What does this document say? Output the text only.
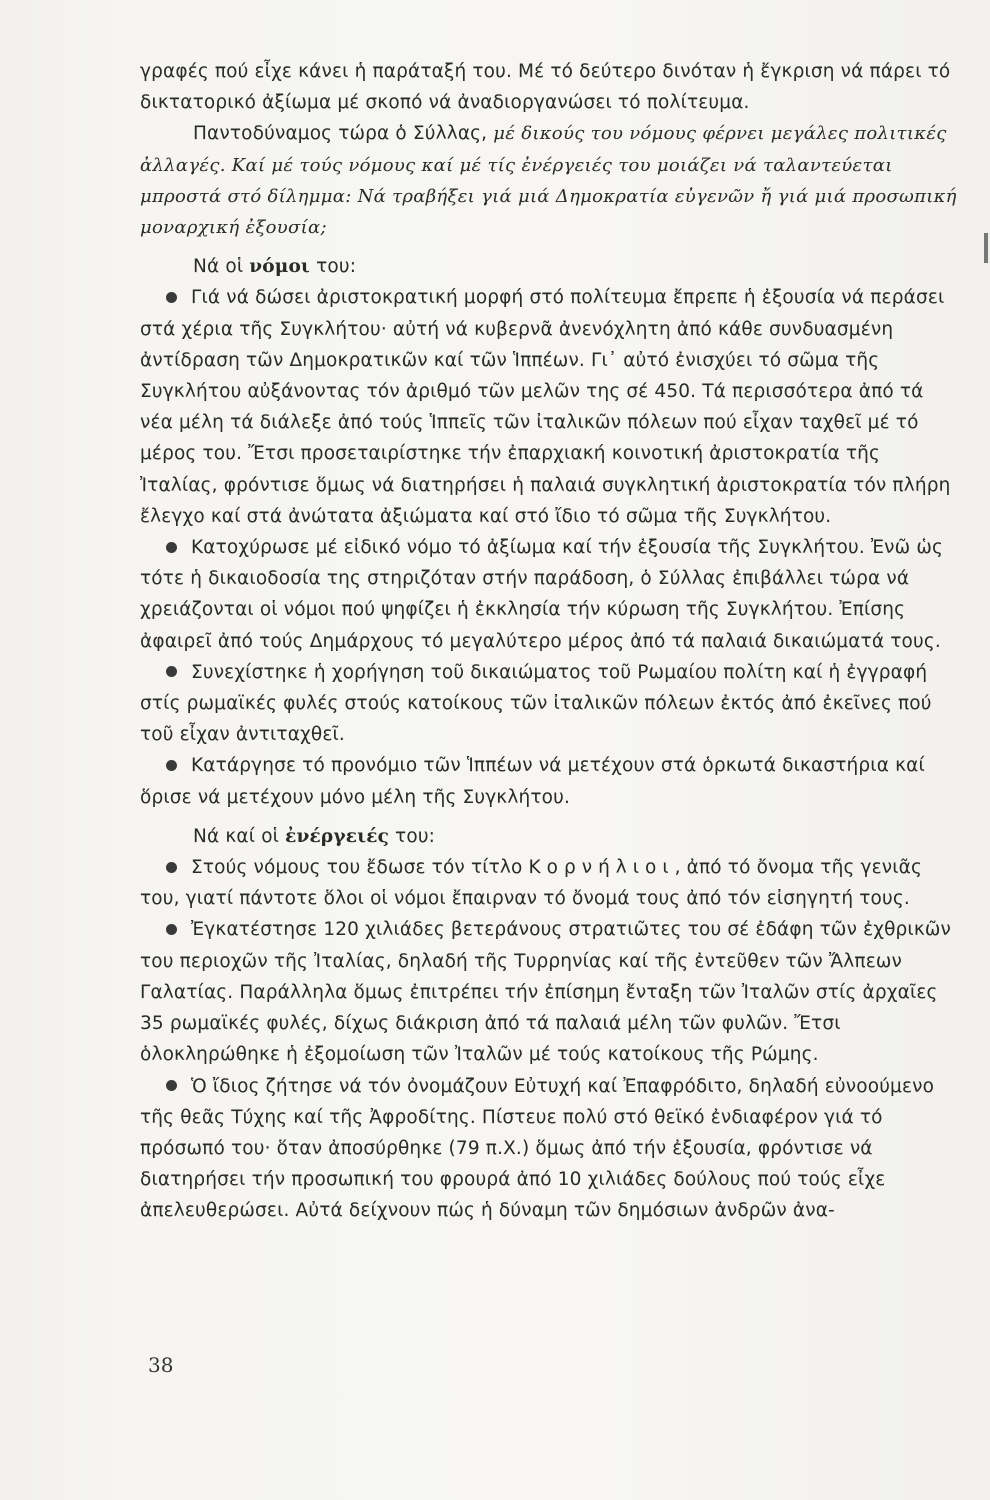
γραφές πού εἶχε κάνει ἡ παράταξή του. Μέ τό δεύτερο δινόταν ἡ ἔγκριση νά πάρει τό δικτατορικό ἀξίωμα μέ σκοπό νά ἀναδιοργανώσει τό πολίτευμα.

Παντοδύναμος τώρα ὁ Σύλλας, μέ δικούς του νόμους φέρνει μεγάλες πολιτικές ἀλλαγές. Καί μέ τούς νόμους καί μέ τίς ἐνέργειές του μοιάζει νά ταλαντεύεται μπροστά στό δίλημμα: Νά τραβήξει γιά μιά Δημοκρατία εὐγενῶν ἤ γιά μιά προσωπική μοναρχική ἐξουσία;

Νά οἱ νόμοι του:

Γιά νά δώσει ἀριστοκρατική μορφή στό πολίτευμα ἔπρεπε ἡ ἐξουσία νά περάσει στά χέρια τῆς Συγκλήτου· αὐτή νά κυβερνᾶ ἀνενόχλητη ἀπό κάθε συνδυασμένη ἀντίδραση τῶν Δημοκρατικῶν καί τῶν Ἱππέων. Γι᾿ αὐτό ἐνισχύει τό σῶμα τῆς Συγκλήτου αὐξάνοντας τόν ἀριθμό τῶν μελῶν της σέ 450. Τά περισσότερα ἀπό τά νέα μέλη τά διάλεξε ἀπό τούς Ἱππεῖς τῶν ἰταλικῶν πόλεων πού εἶχαν ταχθεῖ μέ τό μέρος του. Ἔτσι προσεταιρίστηκε τήν ἐπαρχιακή κοινοτική ἀριστοκρατία τῆς Ἰταλίας, φρόντισε ὅμως νά διατηρήσει ἡ παλαιά συγκλητική ἀριστοκρατία τόν πλήρη ἔλεγχο καί στά ἀνώτατα ἀξιώματα καί στό ἴδιο τό σῶμα τῆς Συγκλήτου.

Κατοχύρωσε μέ εἰδικό νόμο τό ἀξίωμα καί τήν ἐξουσία τῆς Συγκλήτου. Ἐνῶ ὡς τότε ἡ δικαιοδοσία της στηριζόταν στήν παράδοση, ὁ Σύλλας ἐπιβάλλει τώρα νά χρειάζονται οἱ νόμοι πού ψηφίζει ἡ ἐκκλησία τήν κύρωση τῆς Συγκλήτου. Ἐπίσης ἀφαιρεῖ ἀπό τούς Δημάρχους τό μεγαλύτερο μέρος ἀπό τά παλαιά δικαιώματά τους.

Συνεχίστηκε ἡ χορήγηση τοῦ δικαιώματος τοῦ Ρωμαίου πολίτη καί ἡ ἐγγραφή στίς ρωμαϊκές φυλές στούς κατοίκους τῶν ἰταλικῶν πόλεων ἐκτός ἀπό ἐκεῖνες πού τοῦ εἶχαν ἀντιταχθεῖ.

Κατάργησε τό προνόμιο τῶν Ἱππέων νά μετέχουν στά ὁρκωτά δικαστήρια καί ὅρισε νά μετέχουν μόνο μέλη τῆς Συγκλήτου.

Νά καί οἱ ἐνέργειές του:

Στούς νόμους του ἔδωσε τόν τίτλο Κορνήλιοι, ἀπό τό ὄνομα τῆς γενιᾶς του, γιατί πάντοτε ὅλοι οἱ νόμοι ἔπαιρναν τό ὄνομά τους ἀπό τόν εἰσηγητή τους.

Ἐγκατέστησε 120 χιλιάδες βετεράνους στρατιῶτες του σέ ἐδάφη τῶν ἐχθρικῶν του περιοχῶν τῆς Ἰταλίας, δηλαδή τῆς Τυρρηνίας καί τῆς ἐντεῦθεν τῶν Ἄλπεων Γαλατίας. Παράλληλα ὅμως ἐπιτρέπει τήν ἐπίσημη ἔνταξη τῶν Ἰταλῶν στίς ἀρχαῖες 35 ρωμαϊκές φυλές, δίχως διάκριση ἀπό τά παλαιά μέλη τῶν φυλῶν. Ἔτσι ὁλοκληρώθηκε ἡ ἐξομοίωση τῶν Ἰταλῶν μέ τούς κατοίκους τῆς Ρώμης.

Ὁ ἴδιος ζήτησε νά τόν ὀνομάζουν Εὐτυχή καί Ἐπαφρόδιτο, δηλαδή εὐνοούμενο τῆς θεᾶς Τύχης καί τῆς Ἀφροδίτης. Πίστευε πολύ στό θεϊκό ἐνδιαφέρον γιά τό πρόσωπό του· ὅταν ἀποσύρθηκε (79 π.Χ.) ὅμως ἀπό τήν ἐξουσία, φρόντισε νά διατηρήσει τήν προσωπική του φρουρά ἀπό 10 χιλιάδες δούλους πού τούς εἶχε ἀπελευθερώσει. Αὐτά δείχνουν πώς ἡ δύναμη τῶν δημόσιων ἀνδρῶν ἀνα-

38
